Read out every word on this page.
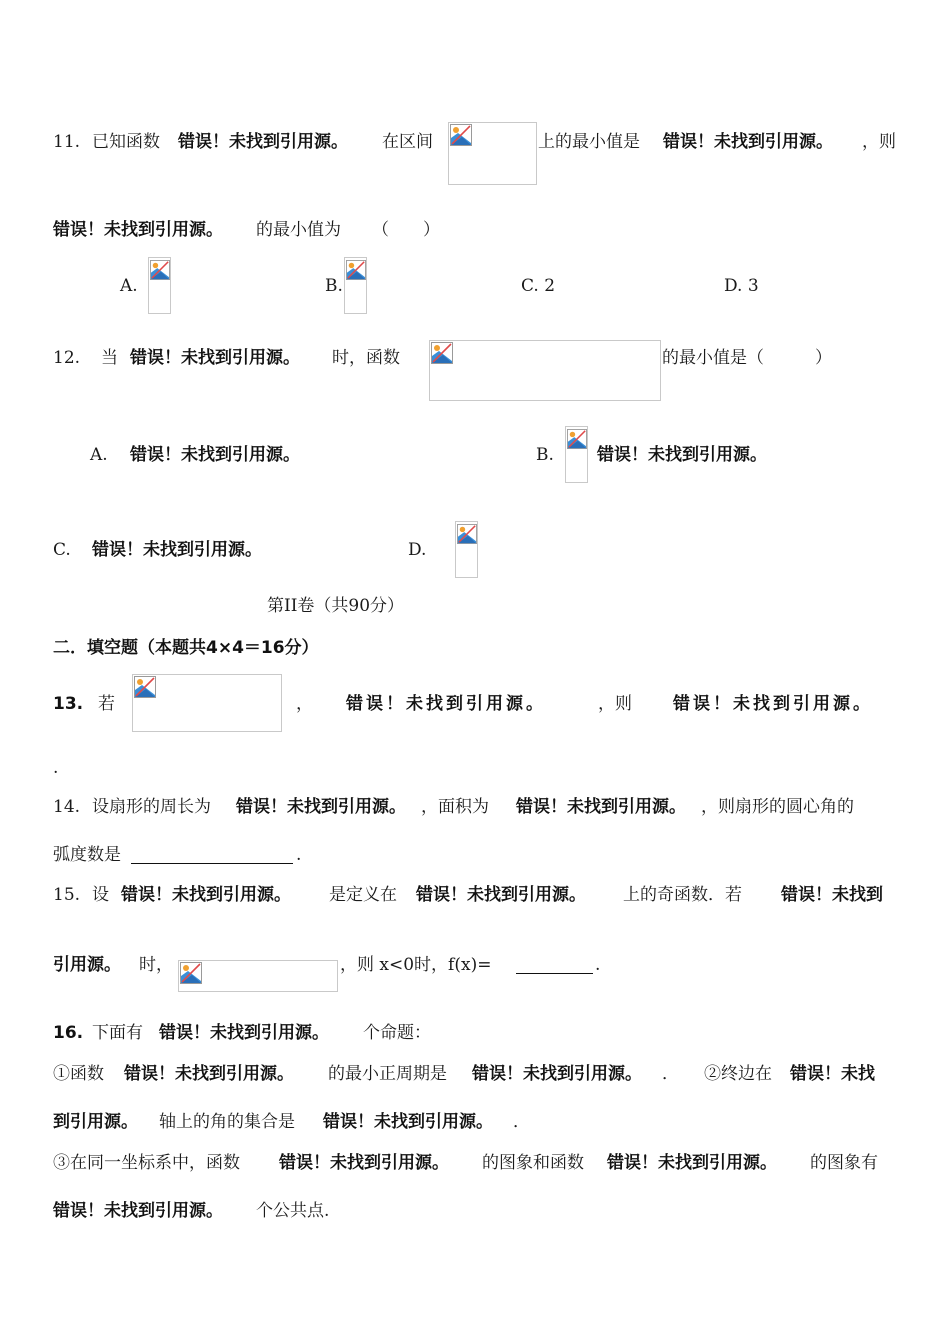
11. 已知函数 错误！未找到引用源。 在区间	上的最小值是 错误！未找到引用源。 ，则
错误！未找到引用源。 的最小值为 （　　）
A.	B.	C. 2	D. 3
12. 当 错误！未找到引用源。 时，函数	的最小值是（　　　）
A. 错误！未找到引用源。	B.	错误！未找到引用源。
C. 错误！未找到引用源。	D.
第II卷（共90分）
二．填空题（本题共4×4＝16分）
13. 若	， 错误！未找到引用源。	，则 错误！未找到引用源。
.
14. 设扇形的周长为 错误！未找到引用源。 ，面积为 错误！未找到引用源。 ，则扇形的圆心角的
弧度数是	.
15. 设 错误！未找到引用源。 是定义在 错误！未找到引用源。 上的奇函数．若 错误！未找到
引用源。 时，	，则 x<0时，f(x)=	.
16. 下面有 错误！未找到引用源。 个命题：
①函数 错误！未找到引用源。 的最小正周期是 错误！未找到引用源。 ． ②终边在 错误！未找
到引用源。 轴上的角的集合是 错误！未找到引用源。 ．
③在同一坐标系中，函数 错误！未找到引用源。 的图象和函数 错误！未找到引用源。 的图象有
错误！未找到引用源。 个公共点.
